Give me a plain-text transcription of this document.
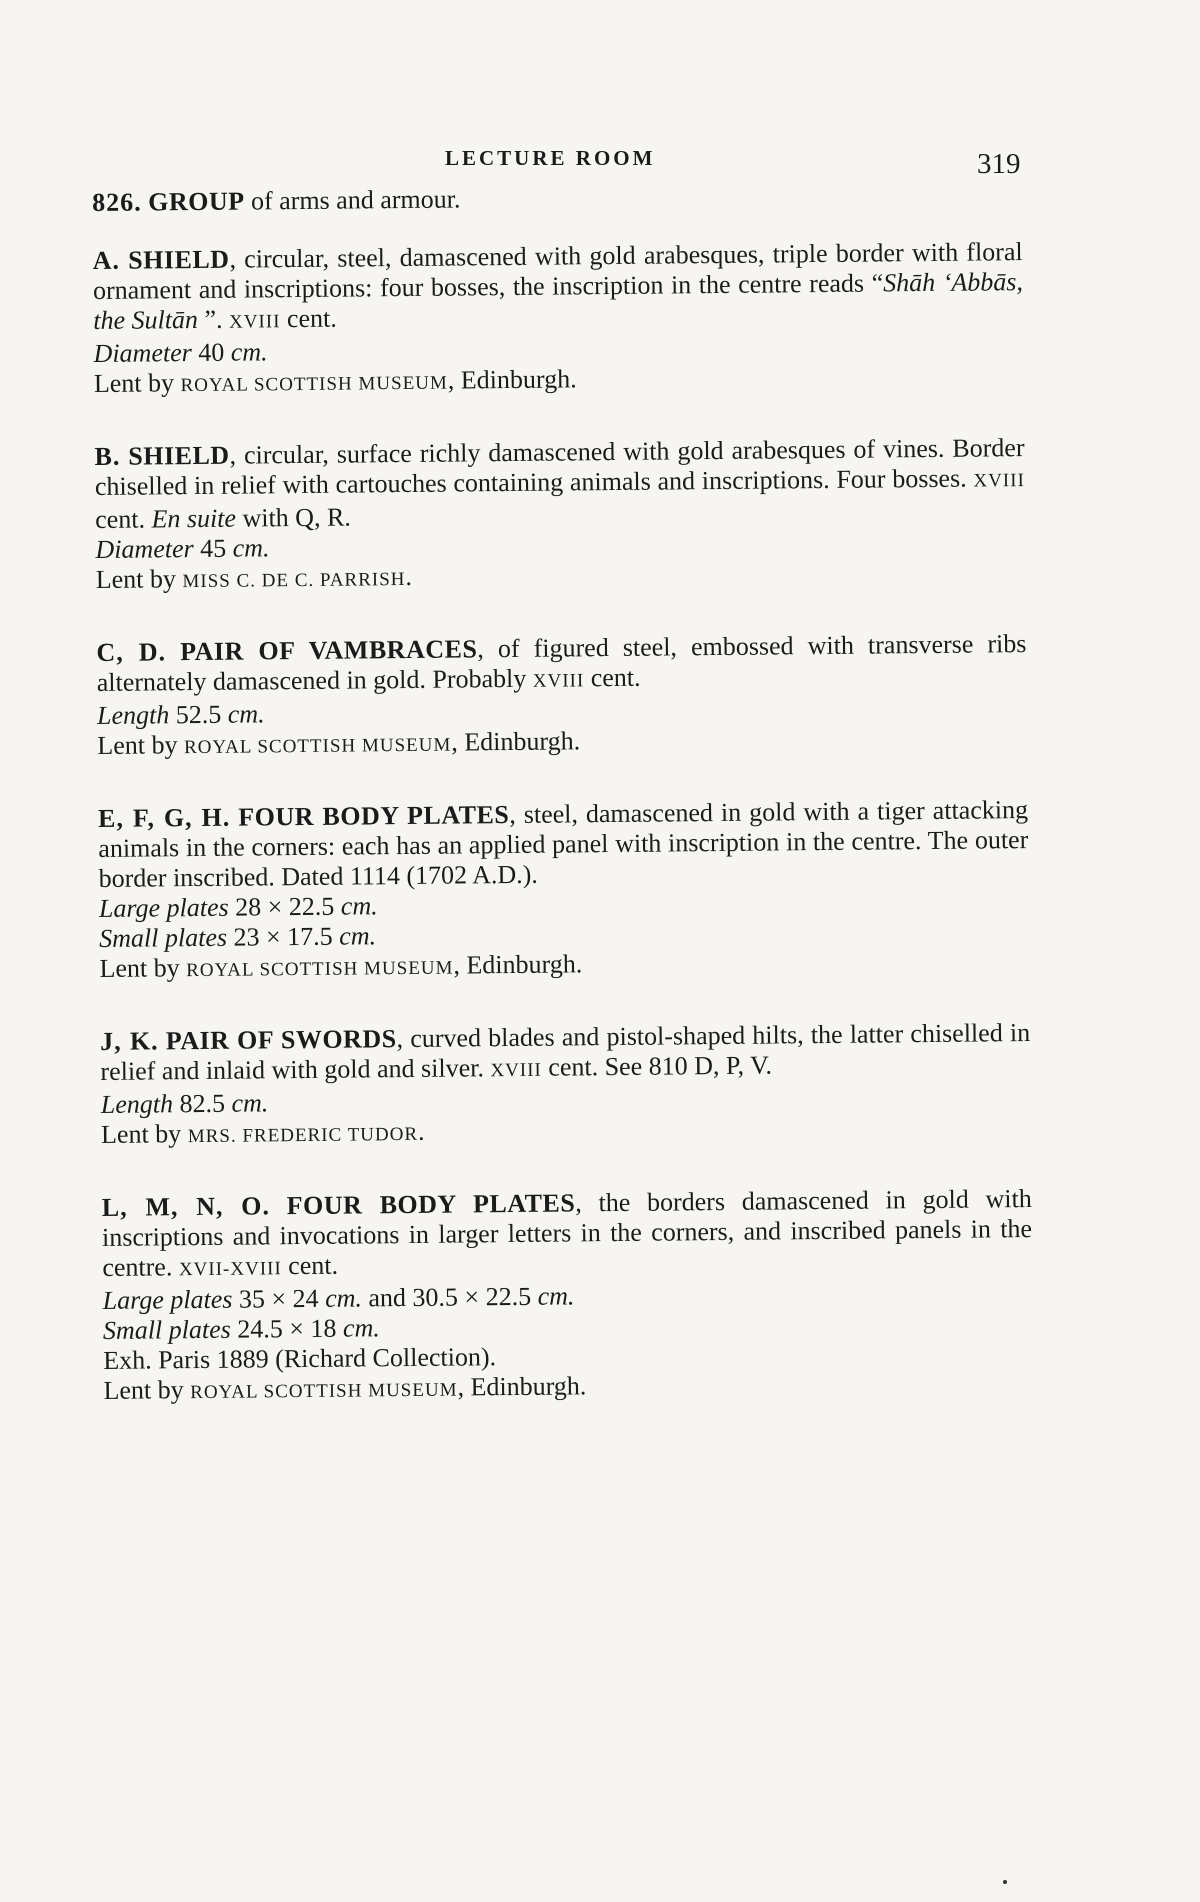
LECTURE ROOM	319

826. GROUP of arms and armour.

A. SHIELD, circular, steel, damascened with gold arabesques, triple border with floral ornament and inscriptions: four bosses, the inscription in the centre reads “Shāh ‘Abbās, the Sultān ”. XVIII cent.

Diameter 40 cm.

Lent by ROYAL SCOTTISH MUSEUM, Edinburgh.

B. SHIELD, circular, surface richly damascened with gold arabesques of vines. Border chiselled in relief with cartouches containing animals and inscriptions. Four bosses. XVIII cent. En suite with Q, R.

Diameter 45 cm.

Lent by MISS C. DE C. PARRISH.

C, D. PAIR OF VAMBRACES, of figured steel, embossed with transverse ribs alternately damascened in gold. Probably XVIII cent.

Length 52.5 cm.

Lent by ROYAL SCOTTISH MUSEUM, Edinburgh.

E, F, G, H. FOUR BODY PLATES, steel, damascened in gold with a tiger attacking animals in the corners: each has an applied panel with inscription in the centre. The outer border inscribed. Dated 1114 (1702 A.D.).

Large plates 28 × 22.5 cm.

Small plates 23 × 17.5 cm.

Lent by ROYAL SCOTTISH MUSEUM, Edinburgh.

J, K. PAIR OF SWORDS, curved blades and pistol-shaped hilts, the latter chiselled in relief and inlaid with gold and silver. XVIII cent. See 810 D, P, V.

Length 82.5 cm.

Lent by MRS. FREDERIC TUDOR.

L, M, N, O. FOUR BODY PLATES, the borders damascened in gold with inscriptions and invocations in larger letters in the corners, and inscribed panels in the centre. XVII-XVIII cent.

Large plates 35 × 24 cm. and 30.5 × 22.5 cm.

Small plates 24.5 × 18 cm.

Exh. Paris 1889 (Richard Collection).

Lent by ROYAL SCOTTISH MUSEUM, Edinburgh.
